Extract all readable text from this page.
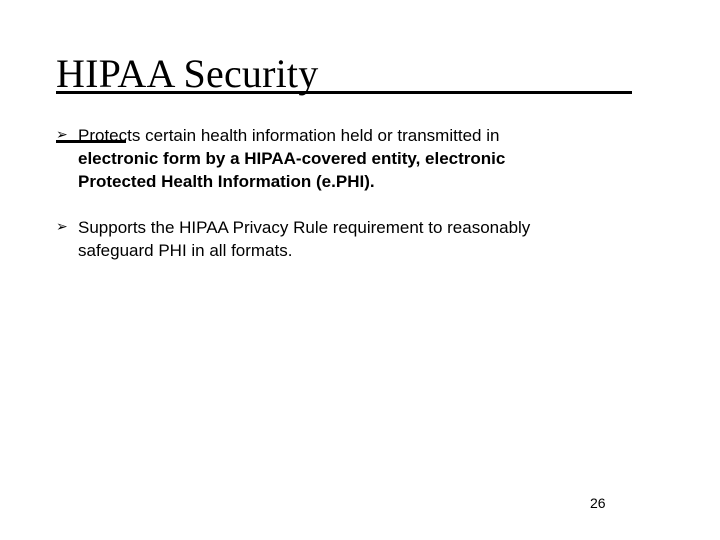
HIPAA Security
➢ Protects certain health information held or transmitted in
electronic form by a HIPAA-covered entity, electronic
Protected Health Information (e.PHI).
➢ Supports the HIPAA Privacy Rule requirement to reasonably
safeguard PHI in all formats.
26
